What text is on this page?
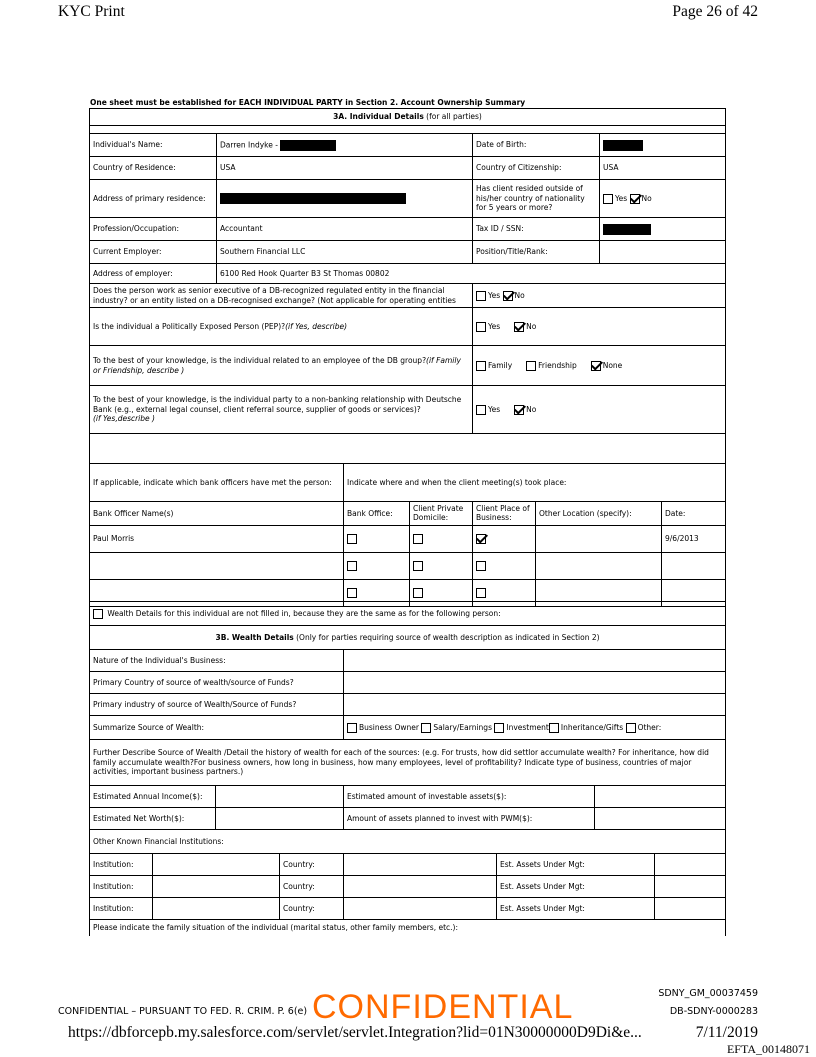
KYC Print	Page 26 of 42
One sheet must be established for EACH INDIVIDUAL PARTY in Section 2. Account Ownership Summary
3A. Individual Details (for all parties)							

Individual's Name:	Darren Indyke -			Date of Birth:			
Country of Residence:	USA			Country of Citizenship:		USA	
Address of primary residence:				Has client resided outside of his/her country of nationality for 5 years or more?		Yes No	
Profession/Occupation:	Accountant			Tax ID / SSN:			
Current Employer:	Southern Financial LLC			Position/Title/Rank:			
Address of employer:	6100 Red Hook Quarter B3 St Thomas 00802						
Does the person work as senior executive of a DB-recognized regulated entity in the financial industry? or an entity listed on a DB-recognised exchange? (Not applicable for operating entities				Yes No			
Is the individual a Politically Exposed Person (PEP)?(if Yes, describe)				Yes No			
To the best of your knowledge, is the individual related to an employee of the DB group?(if Family or Friendship, describe )				Family Friendship None			
To the best of your knowledge, is the individual party to a non-banking relationship with Deutsche Bank (e.g., external legal counsel, client referral source, supplier of goods or services)?
(if Yes,describe )				Yes No			

If applicable, indicate which bank officers have met the person:		Indicate where and when the client meeting(s) took place:					
Bank Officer Name(s)		Bank Office:	Client Private Domicile:	Client Place of Business:	Other Location (specify):		Date:
Paul Morris							9/6/2013

Wealth Details for this individual are not filled in, because they are the same as for the following person:							
3B. Wealth Details (Only for parties requiring source of wealth description as indicated in Section 2)							
Nature of the Individual's Business:							
Primary Country of source of wealth/source of Funds?							
Primary industry of source of Wealth/Source of Funds?							
Summarize Source of Wealth:				Business Owner Salary/Earnings Investment Inheritance/Gifts Other:			
Further Describe Source of Wealth /Detail the history of wealth for each of the sources: (e.g. For trusts, how did settlor accumulate wealth? For inheritance, how did family accumulate wealth?For business owners, how long in business, how many employees, level of profitability? Indicate type of business, countries of major activities, important business partners.)							
Estimated Annual Income($):				Estimated amount of investable assets($):			
Estimated Net Worth($):				Amount of assets planned to invest with PWM($):			
Other Known Financial Institutions:							
Institution:			Country:		Est. Assets Under Mgt:		
Institution:			Country:		Est. Assets Under Mgt:		
Institution:			Country:		Est. Assets Under Mgt:		
Please indicate the family situation of the individual (marital status, other family members, etc.):							
CONFIDENTIAL – PURSUANT TO FED. R. CRIM. P. 6(e) CONFIDENTIAL	SDNY_GM_00037459
DB-SDNY-0000283
https://dbforcepb.my.salesforce.com/servlet/servlet.Integration?lid=01N30000000D9Di&e...	7/11/2019
EFTA_00148071
